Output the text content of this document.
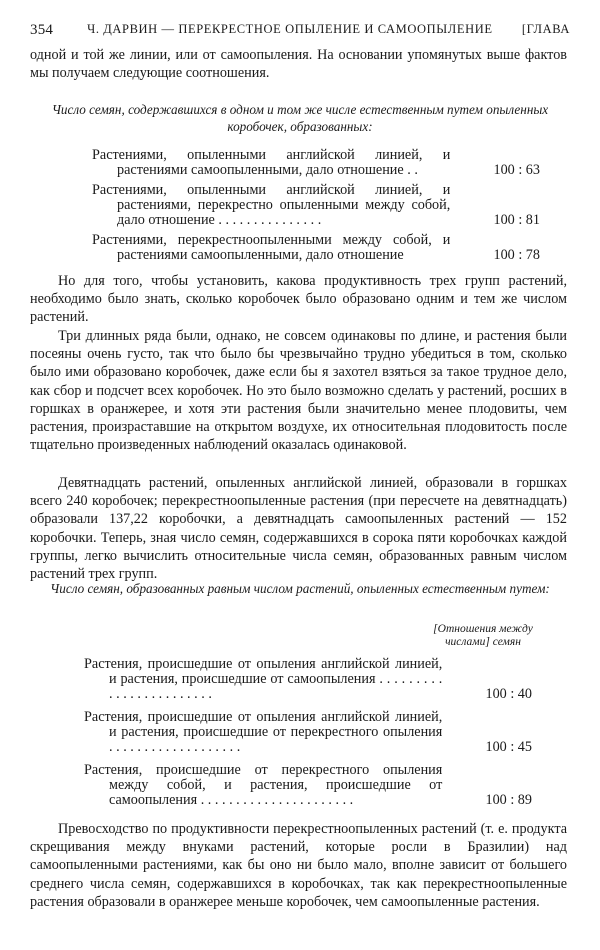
354	Ч. ДАРВИН — ПЕРЕКРЕСТНОЕ ОПЫЛЕНИЕ И САМООПЫЛЕНИЕ	[ГЛАВА

одной и той же линии, или от самоопыления. На основании упомянутых выше фактов мы получаем следующие соотношения.

Число семян, содержавшихся в одном и том же числе естественным путем опыленных коробочек, образованных:
Растениями, опыленными английской линией, и растениями самоопыленными, дало отношение . .	100 : 63
Растениями, опыленными английской линией, и растениями, перекрестно опыленными между собой, дало отношение . . . . . . . . . . . . . . .	100 : 81
Растениями, перекрестноопыленными между собой, и растениями самоопыленными, дало отношение	100 : 78

Но для того, чтобы установить, какова продуктивность трех групп растений, необходимо было знать, сколько коробочек было образовано одним и тем же числом растений.

Три длинных ряда были, однако, не совсем одинаковы по длине, и растения были посеяны очень густо, так что было бы чрезвычайно трудно убедиться в том, сколько было ими образовано коробочек, даже если бы я захотел взяться за такое трудное дело, как сбор и подсчет всех коробочек. Но это было возможно сделать у растений, росших в горшках в оранжерее, и хотя эти растения были значительно менее плодовиты, чем растения, произраставшие на открытом воздухе, их относительная плодовитость после тщательно произведенных наблюдений оказалась одинаковой.

Девятнадцать растений, опыленных английской линией, образовали в горшках всего 240 коробочек; перекрестноопыленные растения (при пересчете на девятнадцать) образовали 137,22 коробочки, а девятнадцать самоопыленных растений — 152 коробочки. Теперь, зная число семян, содержавшихся в сорока пяти коробочках каждой группы, легко вычислить относительные числа семян, образованных равным числом растений трех групп.

Число семян, образованных равным числом растений, опыленных естественным путем:
[Отношения между числами] семян
Растения, происшедшие от опыления английской линией, и растения, происшедшие от самоопыления . . . . . . . . . . . . . . . . . . . . . . . .	100 : 40
Растения, происшедшие от опыления английской линией, и растения, происшедшие от перекрестного опыления . . . . . . . . . . . . . . . . . . .	100 : 45
Растения, происшедшие от перекрестного опыления между собой, и растения, происшедшие от самоопыления . . . . . . . . . . . . . . . . . . . . . .	100 : 89

Превосходство по продуктивности перекрестноопыленных растений (т. е. продукта скрещивания между внуками растений, которые росли в Бразилии) над самоопыленными растениями, как бы оно ни было мало, вполне зависит от большего среднего числа семян, содержавшихся в коробочках, так как перекрестноопыленные растения образовали в оранжерее меньше коробочек, чем самоопыленные растения.
